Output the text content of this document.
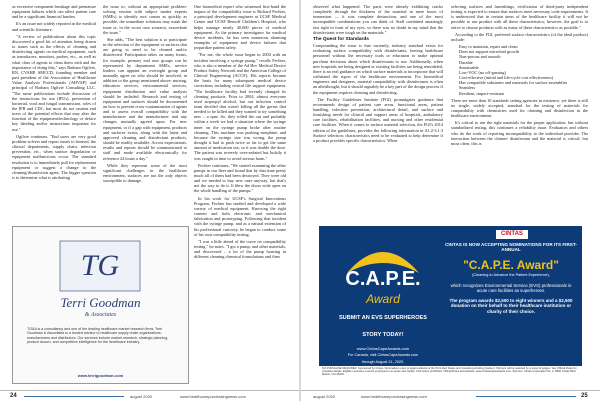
as excessive component breakage and premature equipment failures which can affect patient care and be a significant financial burden.

It's an issue not widely reported in the medical and scientific literature.

"A review of publications about this topic discovered a good bit of attention being drawn to issues such as the effects of cleaning and disinfecting agents on medical equipment, such as transducers, monitors, probes, etc., as well as what class of agents to clean them with and the importance of doing this," says Barbara Ogilvie, RN, CVAHP, SMCCD, founding member and past president of the Association of Healthcare Value Analysis Professionals (AHVAP) and principal of Barbara Ogilvie Consulting LLC. "The same publications include discussion of the instructions for use (IFUs), prevention of bacterial, viral and fungal transmission, roles of the IFR and CDC, but most do not caution end users of the potential effects that may alter the function of the equipment/technology or deface key labeling and/or instructions important for use."

Ogilvie continues, "End users are very good problem-solvers and report issues to biomed, the clinical departments, supply chain, infection prevention, etc., when surface degradation or equipment malfunctions occur. The standard resolution is to immediately pull for replacement equipment or suggest a change to the cleaning/disinfection agent. The bigger question is to determine what is attributing

the issue to; without an appropriate problem-solving session with subject matter experts (SMEs) to identify root causes as quickly as possible, the immediate solutions may mask the issue or, in the worst case scenario, exacerbate the issue."

She adds, "The best solution is to participate in the selection of the equipment or surfaces that are going to need to be cleaned and/or disinfected. Participation takes on many forms, for example, primary end user groups can be represented by department SMEs, service leaders can appoint an oversight group and mutually agree on who should be involved, in addition to the group mentioned above: nursing, education services, environmental services, equipment distribution and value analysis should be included. Research and testing of equipment and surfaces should be documented on how to prevent cross-contamination of agents and to assess overall compatibility with the manufacturer and the manufacturer and any changes mutually agreed upon. For new equipment, or if a gap with equipment, products and surfaces exists, along with the latest and approved cleaning and disinfectant products, should be readily available. Across expectations, results and reports should be communicated to staff and made available electronically for reference 24 hours a day."

While they represent some of the most significant challenges in the healthcare environment, surfaces are not the only objects susceptible to damage.

One biomedical expert who witnessed first-hand the impact of the compatibility issue is Richard Fechter, a principal development engineer at UCSF Medical Center and UCSF Benioff Children's Hospital, who helps manage nearly 40,000 pieces of medical equipment. As the primary investigator for medical device incidents, he has seen numerous alarming examples of equipment and device failures that jeopardize patient safety.

"For me, the whole issue began in 2004 with an incident involving a syringe pump," recalls Fechter, who is also a member of the Ad Hoc Medical Device Product Safety Network and the American College of Clinical Engineering (ACCE). His reports became the basis for many subsequent medical device corrections including critical life support equipment. "The healthcare facility had recently changed its cleaning products. Prior to 2004, almost everyone used isopropyl alcohol, but our infection control team decided that wasn't killing all the germs that needed to be killed and they wanted to try something new – a quat. So, they rolled the out and probably within a week we had a situation where the syringe inner on the syringe pump broke after routine cleaning. This machine was pushing morphine, and because the syringe size was wrong, the pump thought it had to push twice so far to get the same amount of medication out, so it was double the dose. The patient was severely over-sedated but luckily it was caught in time to avoid serious harm."

Fechter continues, "We started examining the other pumps in our fleet and found that by that time pretty much all of them had been destroyed. They were old and we needed to buy new ones anyway, but that's not the way to do it. It blew the doors wide open on the whole handling of the pumps."

In his work for UCSF's Surgical Innovations Program, Fechter has studied and developed a wide variety of medical equipment. Knowing the right content and both electronic and mechanical fabrication and prototyping. Following that incident with the syringe pump, and as a natural extension of his professional curiosity, he began to conduct some of his own compatibility testing.

"I was a little ahead of the curve on compatibility testing," he notes. "I got a pump, and other materials, and discovered – a lot of the pump housing in different cleaning chemical formulations and then

TG
Terri Goodman
& Associates
TG&A is a consultancy and one of the leading healthcare market research firms. Terri Goodman & Associates is a trusted advisor to healthcare supply chain organizations, manufacturers and distributors. Our services include market research, strategic planning, product launch, and competitive intelligence for the healthcare industry.
www.terrigoodman.com
24	august 2020	www.healthcarepurchasingnews.com

observed what happened. The parts were already exhibiting cracks completely through the thickness of the material in mere hours of immersion — it was complete destruction, and one of the most incompatible combinations you can think of. Staff combined amazingly fast right in front of my eyes, so there was no doubt in my mind that the disinfectants were tough on the materials."

The Quest for Standards

Compounding the issue is that currently, industry standard exists for evaluating surface compatibility with disinfectants, leaving healthcare personnel without the necessary tools or education to make optimal purchase decisions about which disinfectants to use. Additionally, when new hospitals are being designed or existing facilities are being remodeled, there is no real guidance on which surface materials to incorporate that will withstand the rigors of the healthcare environment. For biomedical engineers and designers, material compatibility with disinfectants is often an afterthought, but it should arguably be a key part of the design process if the equipment requires cleaning and disinfecting.

The Facility Guidelines Institute (FGI) promulgates guidance that recommends design of patient care areas, functional areas, patient handling, infection prevention, architectural detail, and surface and furnishing needs for clinical and support areas of hospitals, ambulatory care facilities, rehabilitation facilities, and nursing and other residential care facilities. When it comes to surface material selection, the FGI's 2014 edition of the guidelines, provides the following information in A1.2-3.1.3 Surface selection: characteristics need to be evaluated to help determine if a product provides specific characteristics. When

selecting surfaces and furnishings, verification of third-party independent testing is expected to ensure that surfaces meet necessary code requirements. It is understood that in certain areas of the healthcare facility it will not be possible to use product with all these characteristics; however, the goal is to strive to choose products with as many of these characteristics as possible."

According to the FGI, preferred surface characteristics (of the ideal product) include:

• Easy to maintain, repair and clean
• Does not support microbial growth
• Non-porous and smooth
• Durable
• Sustainable
• Low-VOC (no off-gassing)
• Cost-effective (initial and life-cycle cost effectiveness)
• Has compatible substrates and materials for surface assemblies
• Seamless
• Resilient, impact-resistant

There are more than 10 standards setting agencies in existence, yet there is still no single, widely accepted, standard for the testing of materials for compatibility with chemistries used for cleaning and disinfection in the healthcare environment.

It's critical to use the right materials for the proper application, but without standardized testing, this continues a reliability issue. Evaluators and others who do the work of reporting incompatibility to the individual provider. The interaction between the cleaner/ disinfectant and the material is critical, but most often, this is

C.A.P.E.
Award
SUBMIT AN EVS SUPERHEROES
STORY TODAY!
www.CintasCapeAwards.com
For Canada, visit CintasCapeAwards.com
through August 21, 2020.
CINTAS
CINTAS IS NOW ACCEPTING NOMINATIONS FOR ITS FIRST-ANNUAL
"C.A.P.E. Award"
(Cleaning to Advance the Patient Experience),
which recognizes Environmental Service (EVS) professionals in acute care facilities as superheroes.
The program awards $2,500 to eight winners and a $2,500 donation on their behalf to their healthcare institution or charity of their choice.
NO PURCHASE REQUIRED. Sponsored by Cintas. Nominations open to legal residents of the 50 United States and Canada (excluding Quebec). Winners will be selected by a panel of judges. See Official Rules for complete details. Eligible nominees must be employed in an acute care facility. Void where prohibited. Official Rules and website: www.CintasCapeAwards.com. Sponsor: Cintas Corporation No. 2, 6800 Cintas Blvd, Mason, OH 45040.
august 2020	www.healthcarepurchasingnews.com	25
